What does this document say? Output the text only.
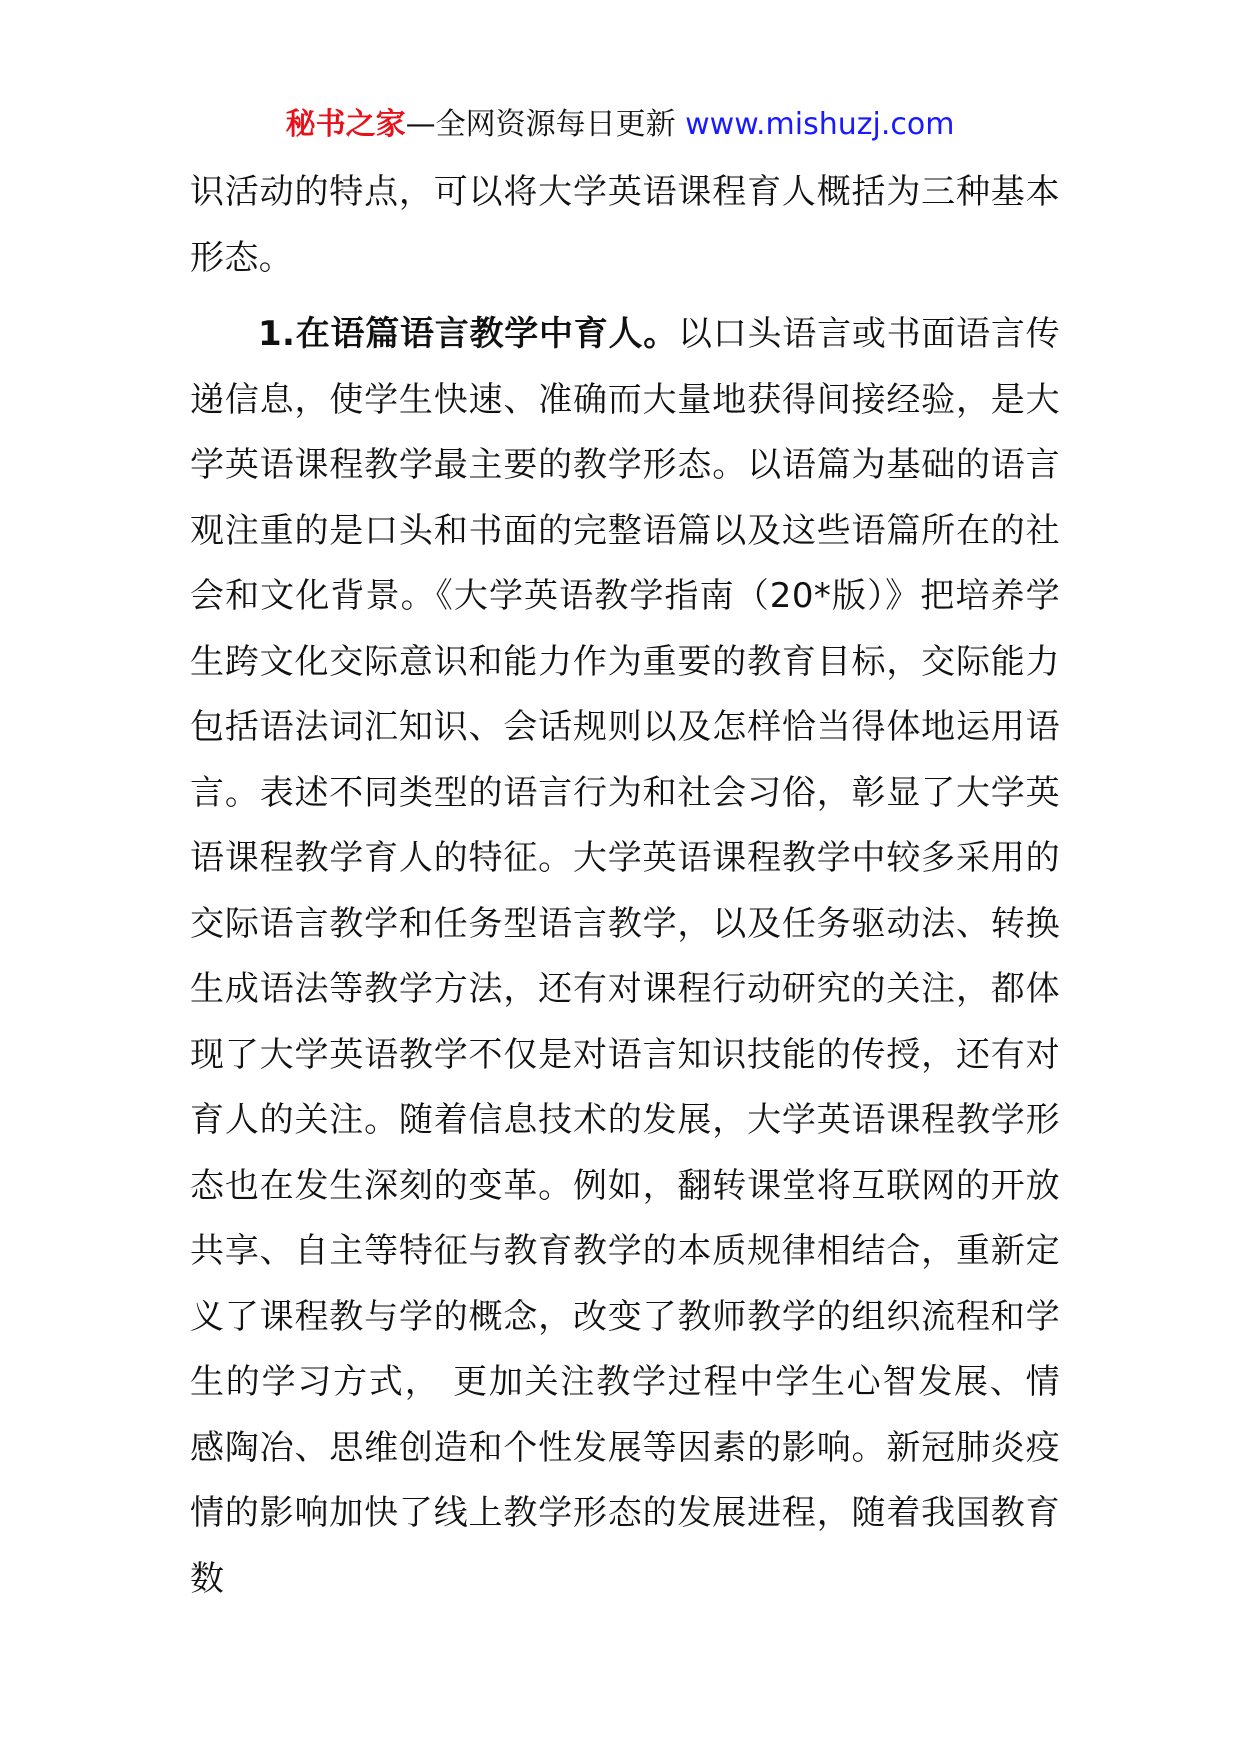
秘书之家—全网资源每日更新 www.mishuzj.com

识活动的特点，可以将大学英语课程育人概括为三种基本形态。

1.在语篇语言教学中育人。以口头语言或书面语言传递信息，使学生快速、准确而大量地获得间接经验，是大学英语课程教学最主要的教学形态。以语篇为基础的语言观注重的是口头和书面的完整语篇以及这些语篇所在的社会和文化背景。《大学英语教学指南（20*版）》把培养学生跨文化交际意识和能力作为重要的教育目标，交际能力包括语法词汇知识、会话规则以及怎样恰当得体地运用语言。表述不同类型的语言行为和社会习俗，彰显了大学英语课程教学育人的特征。大学英语课程教学中较多采用的交际语言教学和任务型语言教学，以及任务驱动法、转换生成语法等教学方法，还有对课程行动研究的关注，都体现了大学英语教学不仅是对语言知识技能的传授，还有对育人的关注。随着信息技术的发展，大学英语课程教学形态也在发生深刻的变革。例如，翻转课堂将互联网的开放共享、自主等特征与教育教学的本质规律相结合，重新定义了课程教与学的概念，改变了教师教学的组织流程和学生的学习方式， 更加关注教学过程中学生心智发展、情感陶冶、思维创造和个性发展等因素的影响。新冠肺炎疫情的影响加快了线上教学形态的发展进程，随着我国教育数
